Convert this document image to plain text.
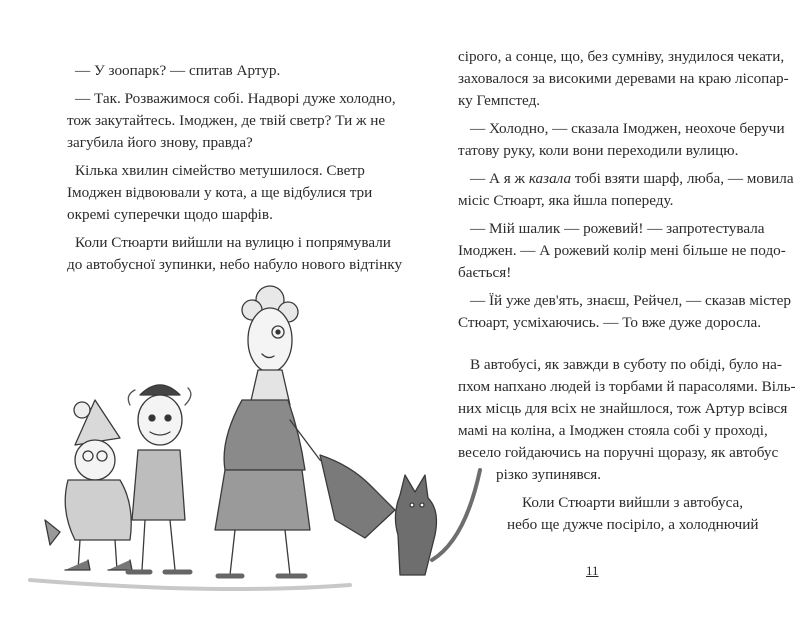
— У зоопарк? — спитав Артур.
— Так. Розважимося собі. Надворі дуже холодно,
тож закутайтесь. Імоджен, де твій светр? Ти ж не
загубила його знову, правда?
Кілька хвилин сімейство метушилося. Светр
Імоджен відвоювали у кота, а ще відбулися три
окремі суперечки щодо шарфів.
Коли Стюарти вийшли на вулицю і попрямували
до автобусної зупинки, небо набуло нового відтінку
сірого, а сонце, що, без сумніву, знудилося чекати,
заховалося за високими деревами на краю лісопар-
ку Гемпстед.
— Холодно, — сказала Імоджен, неохоче беручи
татову руку, коли вони переходили вулицю.
— А я ж казала тобі взяти шарф, люба, — мовила
місіс Стюарт, яка йшла попереду.
— Мій шалик — рожевий! — запротестувала
Імоджен. — А рожевий колір мені більше не подо-
бається!
— Їй уже дев'ять, знаєш, Рейчел, — сказав містер
Стюарт, усміхаючись. — То вже дуже доросла.
В автобусі, як завжди в суботу по обіді, було на-
пхом напхано людей із торбами й парасолями. Віль-
них місць для всіх не знайшлося, тож Артур всівся
мамі на коліна, а Імоджен стояла собі у проході,
весело гойдаючись на поручні щоразу, як автобус
різко зупинявся.
Коли Стюарти вийшли з автобуса,
небо ще дужче посіріло, а холоднючий
11
